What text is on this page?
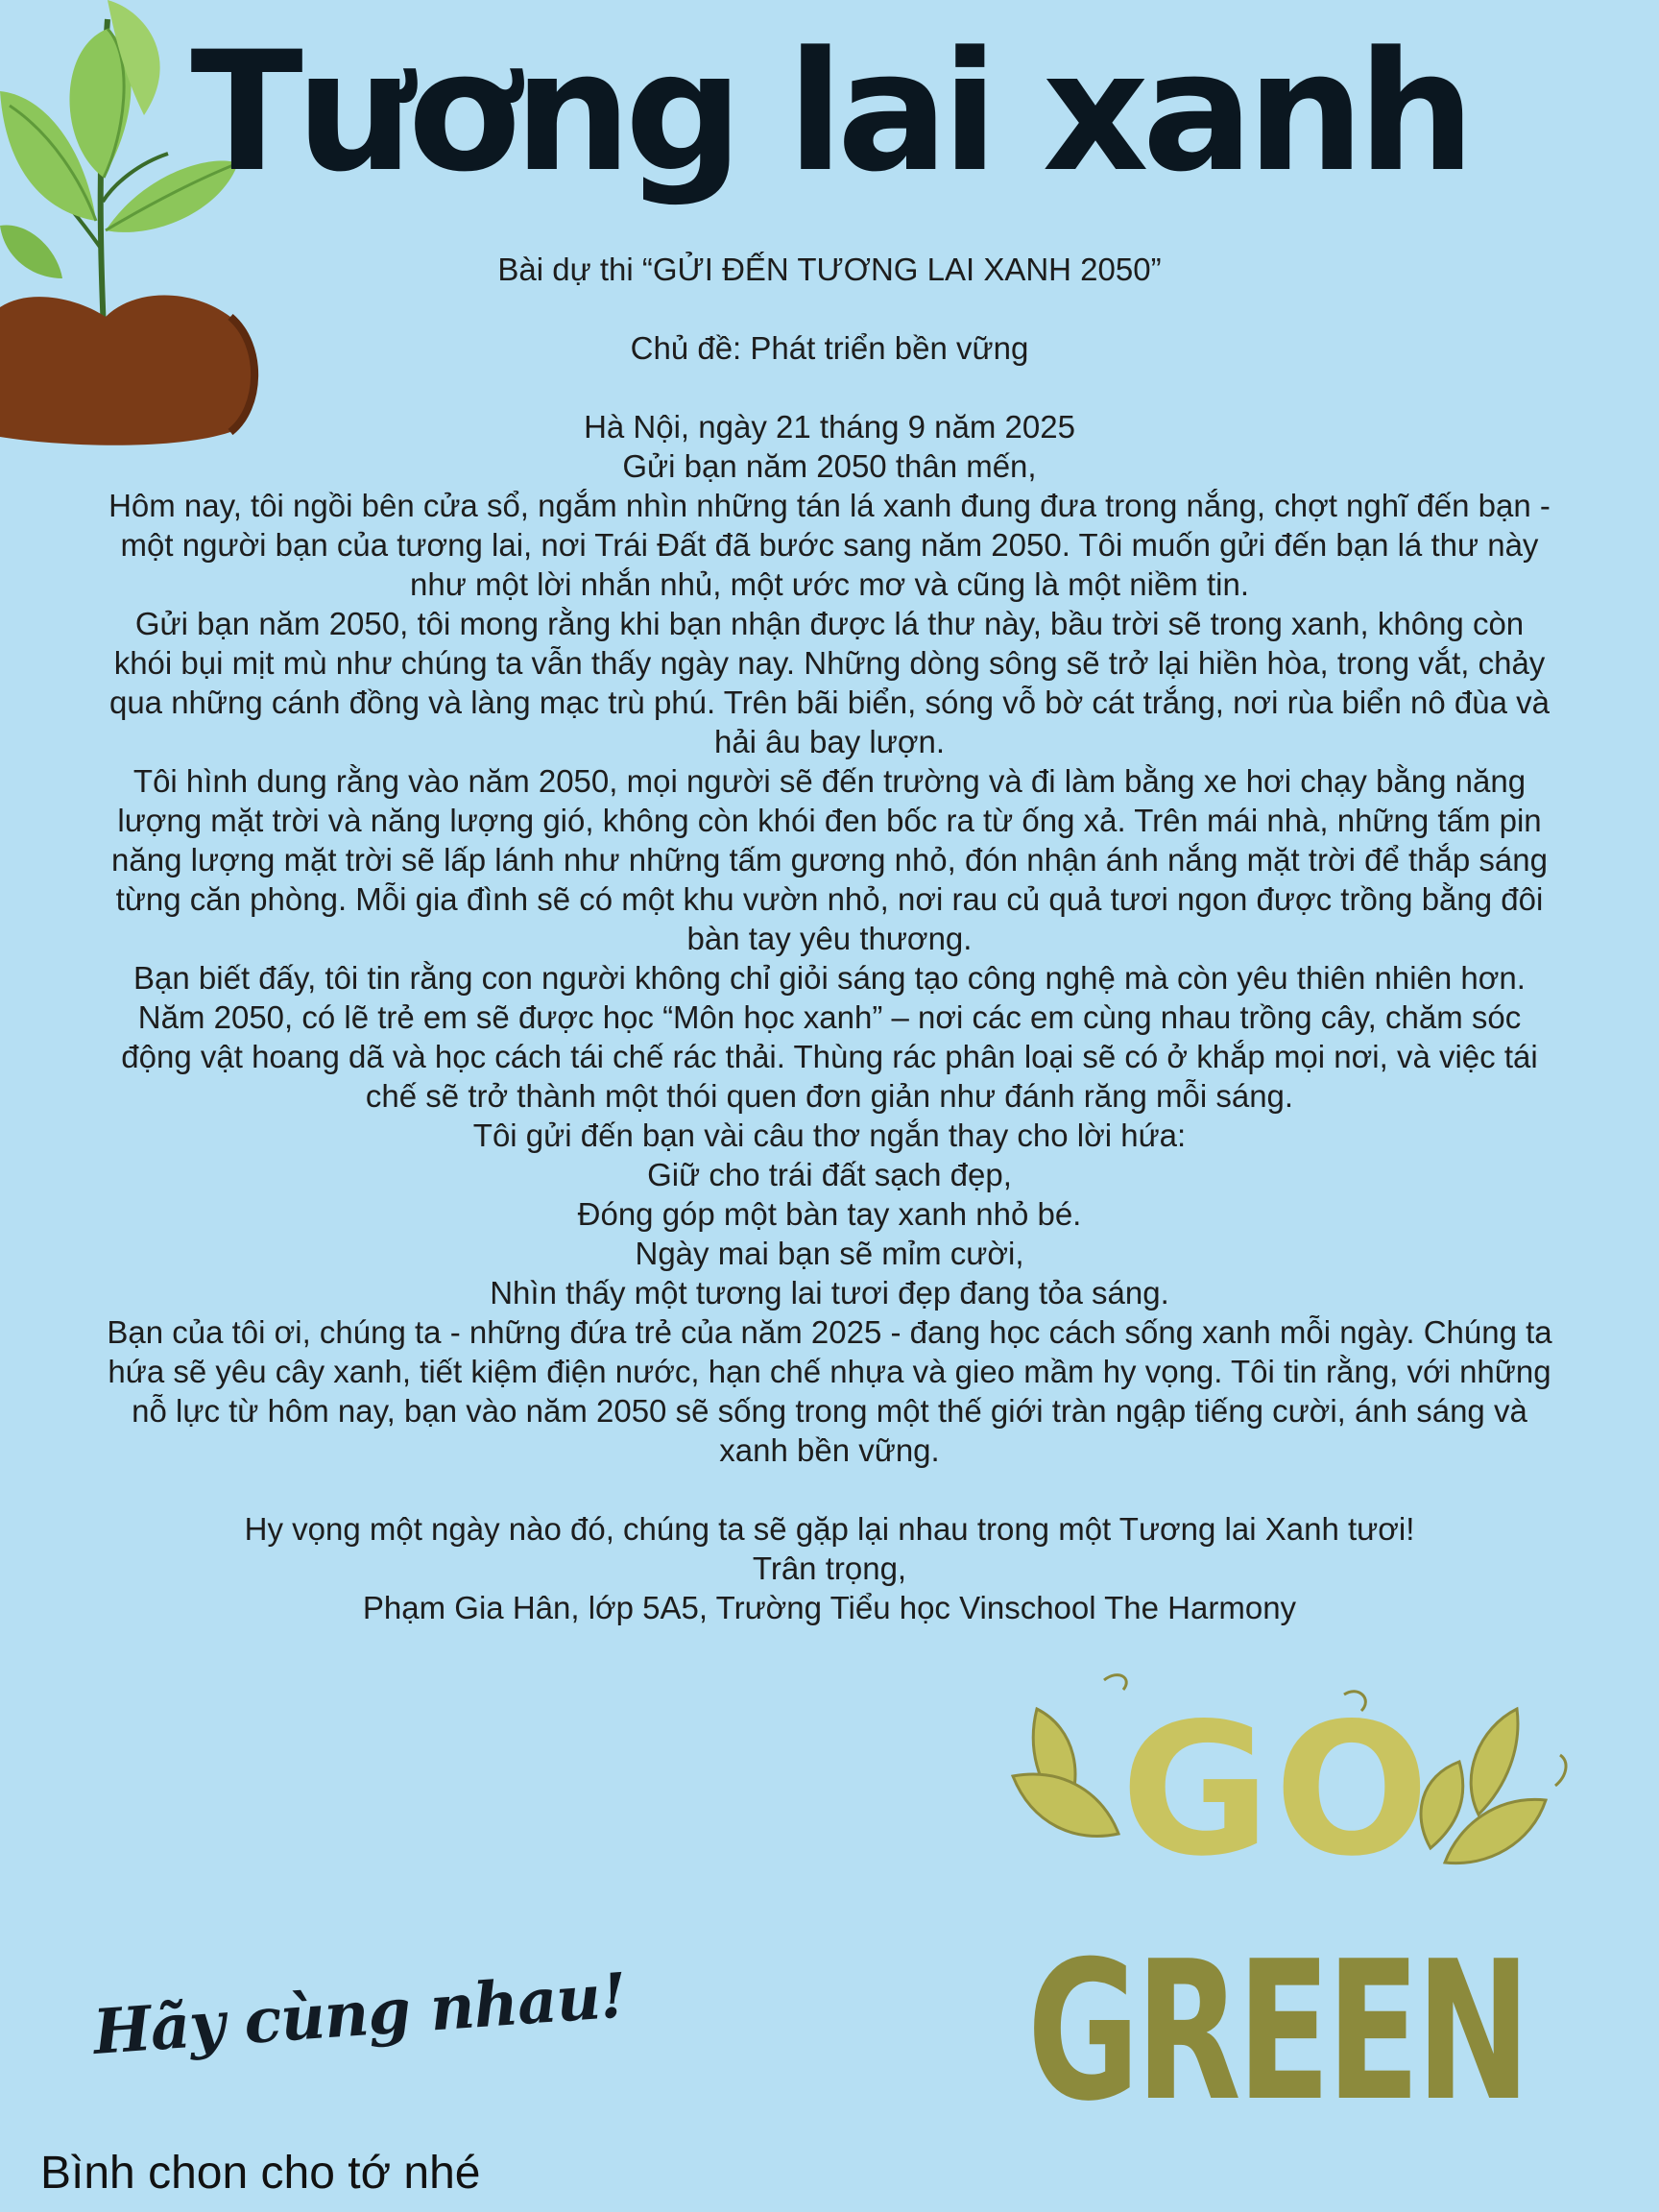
Tương lai xanh

Bài dự thi “GỬI ĐẾN TƯƠNG LAI XANH 2050”

Chủ đề: Phát triển bền vững

Hà Nội, ngày 21 tháng 9 năm 2025

Gửi bạn năm 2050 thân mến,

Hôm nay, tôi ngồi bên cửa sổ, ngắm nhìn những tán lá xanh đung đưa trong nắng, chợt nghĩ đến bạn - một người bạn của tương lai, nơi Trái Đất đã bước sang năm 2050. Tôi muốn gửi đến bạn lá thư này như một lời nhắn nhủ, một ước mơ và cũng là một niềm tin.

Gửi bạn năm 2050, tôi mong rằng khi bạn nhận được lá thư này, bầu trời sẽ trong xanh, không còn khói bụi mịt mù như chúng ta vẫn thấy ngày nay. Những dòng sông sẽ trở lại hiền hòa, trong vắt, chảy qua những cánh đồng và làng mạc trù phú. Trên bãi biển, sóng vỗ bờ cát trắng, nơi rùa biển nô đùa và hải âu bay lượn.

Tôi hình dung rằng vào năm 2050, mọi người sẽ đến trường và đi làm bằng xe hơi chạy bằng năng lượng mặt trời và năng lượng gió, không còn khói đen bốc ra từ ống xả. Trên mái nhà, những tấm pin năng lượng mặt trời sẽ lấp lánh như những tấm gương nhỏ, đón nhận ánh nắng mặt trời để thắp sáng từng căn phòng. Mỗi gia đình sẽ có một khu vườn nhỏ, nơi rau củ quả tươi ngon được trồng bằng đôi bàn tay yêu thương.

Bạn biết đấy, tôi tin rằng con người không chỉ giỏi sáng tạo công nghệ mà còn yêu thiên nhiên hơn. Năm 2050, có lẽ trẻ em sẽ được học “Môn học xanh” – nơi các em cùng nhau trồng cây, chăm sóc động vật hoang dã và học cách tái chế rác thải. Thùng rác phân loại sẽ có ở khắp mọi nơi, và việc tái chế sẽ trở thành một thói quen đơn giản như đánh răng mỗi sáng.

Tôi gửi đến bạn vài câu thơ ngắn thay cho lời hứa:

Giữ cho trái đất sạch đẹp,

Đóng góp một bàn tay xanh nhỏ bé.

Ngày mai bạn sẽ mỉm cười,

Nhìn thấy một tương lai tươi đẹp đang tỏa sáng.

Bạn của tôi ơi, chúng ta - những đứa trẻ của năm 2025 - đang học cách sống xanh mỗi ngày. Chúng ta hứa sẽ yêu cây xanh, tiết kiệm điện nước, hạn chế nhựa và gieo mầm hy vọng. Tôi tin rằng, với những nỗ lực từ hôm nay, bạn vào năm 2050 sẽ sống trong một thế giới tràn ngập tiếng cười, ánh sáng và xanh bền vững.

Hy vọng một ngày nào đó, chúng ta sẽ gặp lại nhau trong một Tương lai Xanh tươi!

Trân trọng,

Phạm Gia Hân, lớp 5A5, Trường Tiểu học Vinschool The Harmony

GO
GREEN
Hãy cùng nhau!
Bình chon cho tớ nhé
